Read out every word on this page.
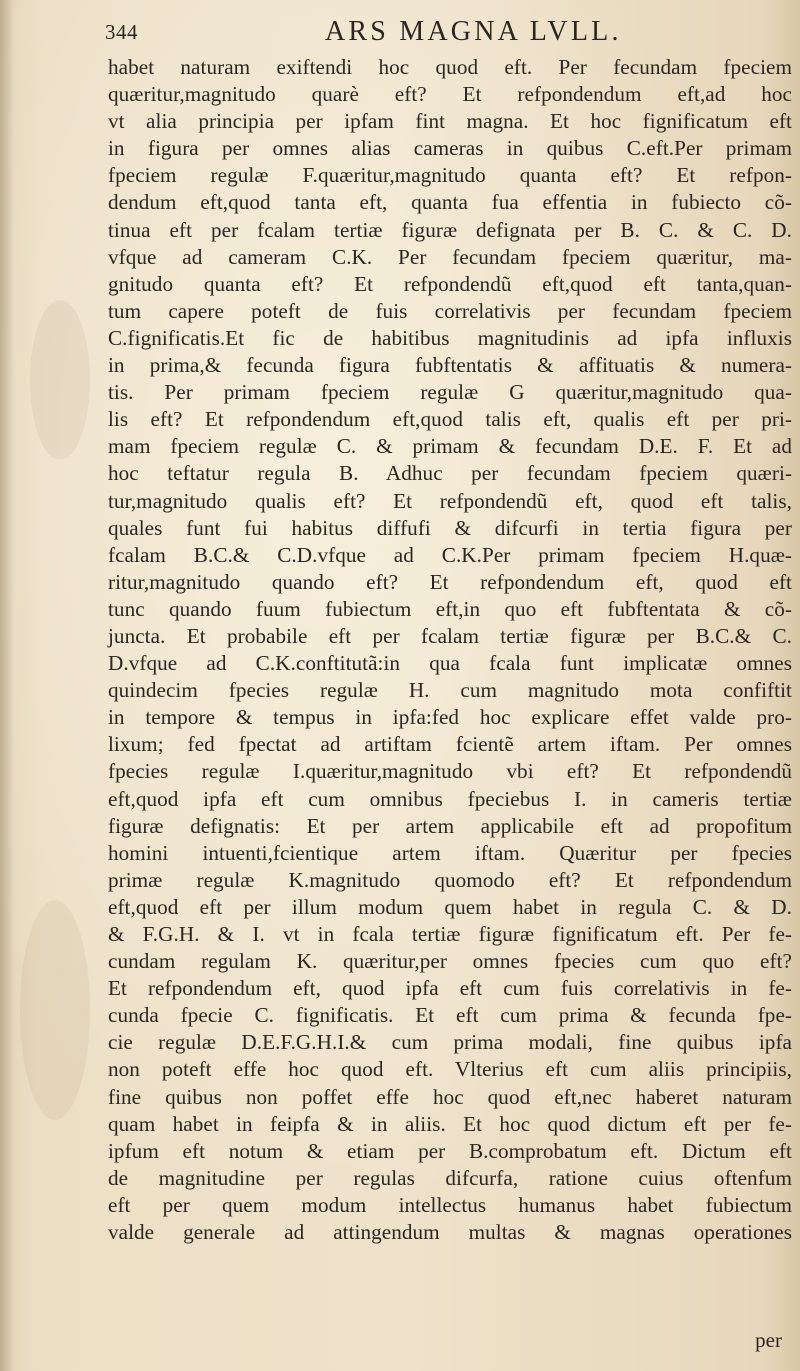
344	ARS MAGNA LVLL.
habet naturam exiftendi hoc quod eft. Per fecundam fpeciem
quæritur,magnitudo quarè eft? Et refpondendum eft,ad hoc
vt alia principia per ipfam fint magna. Et hoc fignificatum eft
in figura per omnes alias cameras in quibus C.eft.Per primam
fpeciem regulæ F.quæritur,magnitudo quanta eft? Et refpon-
dendum eft,quod tanta eft, quanta fua effentia in fubiecto cõ-
tinua eft per fcalam tertiæ figuræ defignata per B. C. & C. D.
vfque ad cameram C.K. Per fecundam fpeciem quæritur, ma-
gnitudo quanta eft? Et refpondendũ eft,quod eft tanta,quan-
tum capere poteft de fuis correlativis per fecundam fpeciem
C.fignificatis.Et fic de habitibus magnitudinis ad ipfa influxis
in prima,& fecunda figura fubftentatis & affituatis & numera-
tis. Per primam fpeciem regulæ G quæritur,magnitudo qua-
lis eft? Et refpondendum eft,quod talis eft, qualis eft per pri-
mam fpeciem regulæ C. & primam & fecundam D.E. F. Et ad
hoc teftatur regula B. Adhuc per fecundam fpeciem quæri-
tur,magnitudo qualis eft? Et refpondendũ eft, quod eft talis,
quales funt fui habitus diffufi & difcurfi in tertia figura per
fcalam B.C.& C.D.vfque ad C.K.Per primam fpeciem H.quæ-
ritur,magnitudo quando eft? Et refpondendum eft, quod eft
tunc quando fuum fubiectum eft,in quo eft fubftentata & cõ-
juncta. Et probabile eft per fcalam tertiæ figuræ per B.C.& C.
D.vfque ad C.K.conftitutã:in qua fcala funt implicatæ omnes
quindecim fpecies regulæ H. cum magnitudo mota confiftit
in tempore & tempus in ipfa:fed hoc explicare effet valde pro-
lixum; fed fpectat ad artiftam fcientẽ artem iftam. Per omnes
fpecies regulæ I.quæritur,magnitudo vbi eft? Et refpondendũ
eft,quod ipfa eft cum omnibus fpeciebus I. in cameris tertiæ
figuræ defignatis: Et per artem applicabile eft ad propofitum
homini intuenti,fcientique artem iftam. Quæritur per fpecies
primæ regulæ K.magnitudo quomodo eft? Et refpondendum
eft,quod eft per illum modum quem habet in regula C. & D.
& F.G.H. & I. vt in fcala tertiæ figuræ fignificatum eft. Per fe-
cundam regulam K. quæritur,per omnes fpecies cum quo eft?
Et refpondendum eft, quod ipfa eft cum fuis correlativis in fe-
cunda fpecie C. fignificatis. Et eft cum prima & fecunda fpe-
cie regulæ D.E.F.G.H.I.& cum prima modali, fine quibus ipfa
non poteft effe hoc quod eft. Vlterius eft cum aliis principiis,
fine quibus non poffet effe hoc quod eft,nec haberet naturam
quam habet in feipfa & in aliis. Et hoc quod dictum eft per fe-
ipfum eft notum & etiam per B.comprobatum eft. Dictum eft
de magnitudine per regulas difcurfa, ratione cuius oftenfum
eft per quem modum intellectus humanus habet fubiectum
valde generale ad attingendum multas & magnas operationes
per
